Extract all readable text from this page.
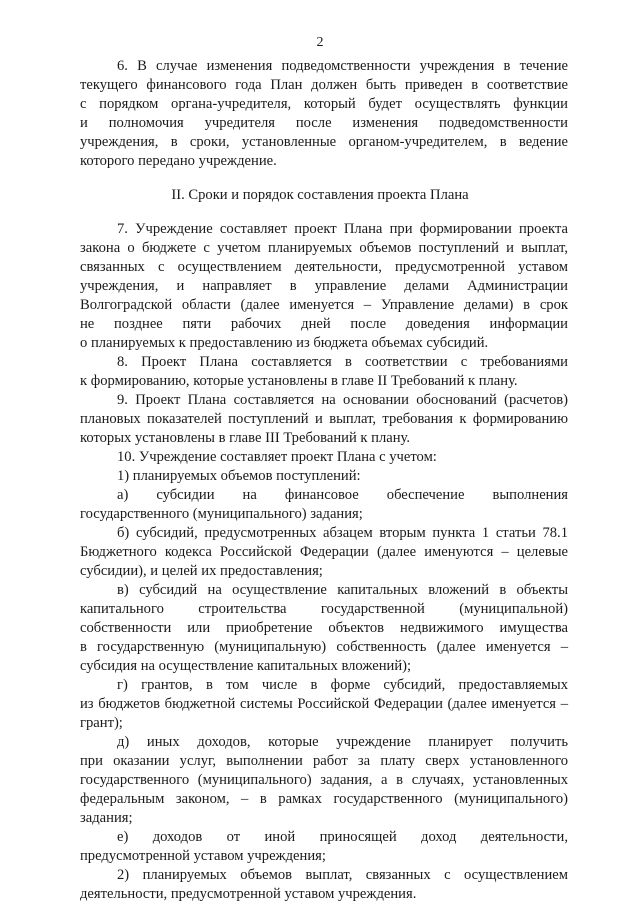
2
6. В случае изменения подведомственности учреждения в течение
текущего финансового года План должен быть приведен в соответствие
с порядком органа-учредителя, который будет осуществлять функции
и полномочия учредителя после изменения подведомственности
учреждения, в сроки, установленные органом-учредителем, в ведение
которого передано учреждение.
II. Сроки и порядок составления проекта Плана
7. Учреждение составляет проект Плана при формировании проекта
закона о бюджете с учетом планируемых объемов поступлений и выплат,
связанных с осуществлением деятельности, предусмотренной уставом
учреждения, и направляет в управление делами Администрации
Волгоградской области (далее именуется – Управление делами) в срок
не позднее пяти рабочих дней после доведения информации
о планируемых к предоставлению из бюджета объемах субсидий.
8. Проект Плана составляется в соответствии с требованиями
к формированию, которые установлены в главе II Требований к плану.
9. Проект Плана составляется на основании обоснований (расчетов)
плановых показателей поступлений и выплат, требования к формированию
которых установлены в главе III Требований к плану.
10. Учреждение составляет проект Плана с учетом:
1) планируемых объемов поступлений:
а) субсидии на финансовое обеспечение выполнения
государственного (муниципального) задания;
б) субсидий, предусмотренных абзацем вторым пункта 1 статьи 78.1
Бюджетного кодекса Российской Федерации (далее именуются – целевые
субсидии), и целей их предоставления;
в) субсидий на осуществление капитальных вложений в объекты
капитального строительства государственной (муниципальной)
собственности или приобретение объектов недвижимого имущества
в государственную (муниципальную) собственность (далее именуется –
субсидия на осуществление капитальных вложений);
г) грантов, в том числе в форме субсидий, предоставляемых
из бюджетов бюджетной системы Российской Федерации (далее именуется –
грант);
д) иных доходов, которые учреждение планирует получить
при оказании услуг, выполнении работ за плату сверх установленного
государственного (муниципального) задания, а в случаях, установленных
федеральным законом, – в рамках государственного (муниципального)
задания;
е) доходов от иной приносящей доход деятельности,
предусмотренной уставом учреждения;
2) планируемых объемов выплат, связанных с осуществлением
деятельности, предусмотренной уставом учреждения.
